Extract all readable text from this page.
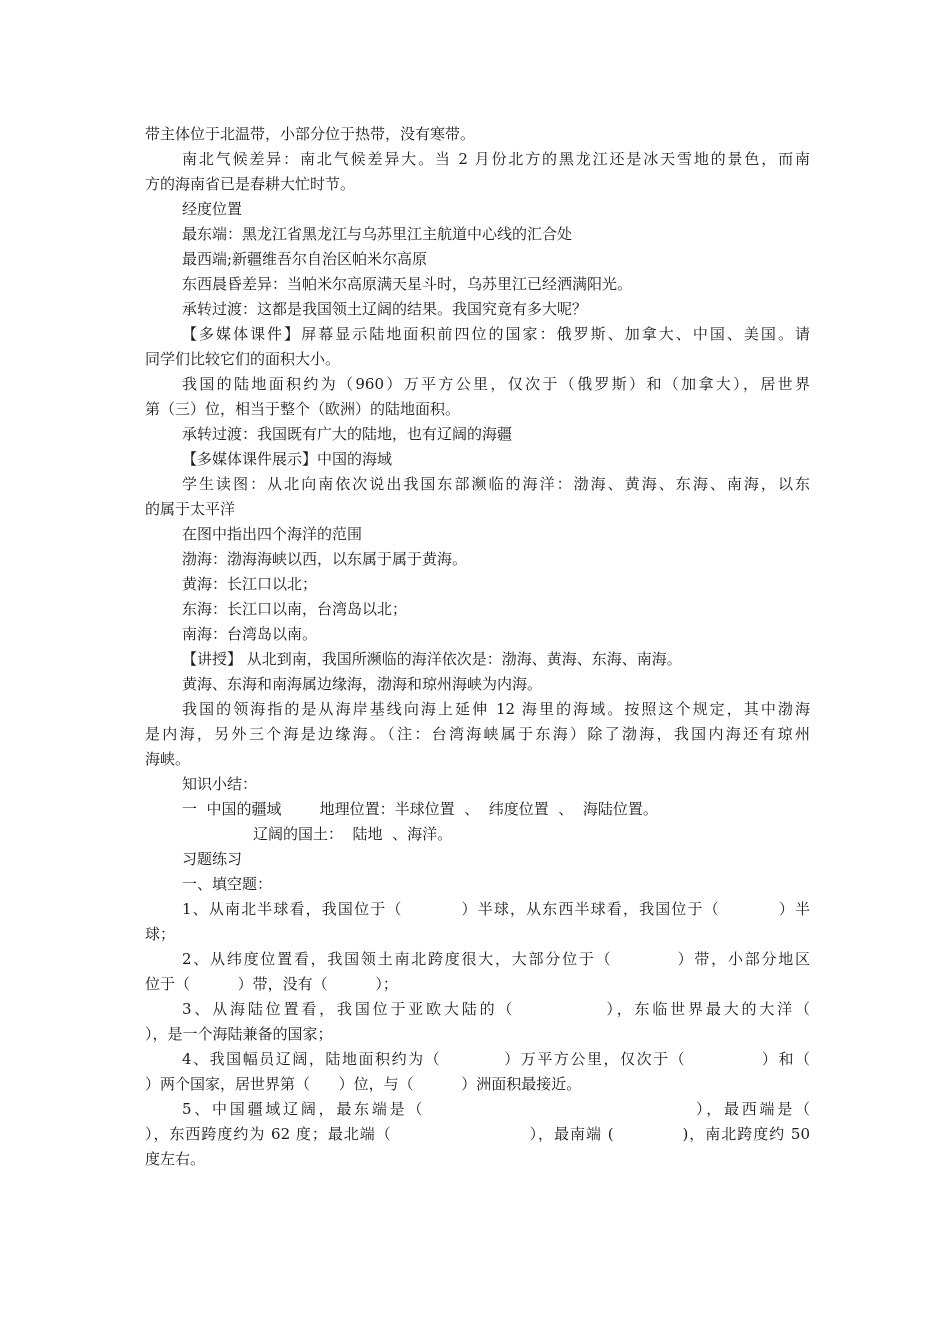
带主体位于北温带，小部分位于热带，没有寒带。
南北气候差异：南北气候差异大。当 2 月份北方的黑龙江还是冰天雪地的景色，而南
方的海南省已是春耕大忙时节。
经度位置
最东端：黑龙江省黑龙江与乌苏里江主航道中心线的汇合处
最西端;新疆维吾尔自治区帕米尔高原
东西晨昏差异：当帕米尔高原满天星斗时，乌苏里江已经洒满阳光。
承转过渡：这都是我国领土辽阔的结果。我国究竟有多大呢？
【多媒体课件】屏幕显示陆地面积前四位的国家：俄罗斯、加拿大、中国、美国。请
同学们比较它们的面积大小。
我国的陆地面积约为（960）万平方公里，仅次于（俄罗斯）和（加拿大），居世界
第（三）位，相当于整个（欧洲）的陆地面积。
承转过渡：我国既有广大的陆地，也有辽阔的海疆
【多媒体课件展示】中国的海域
学生读图：从北向南依次说出我国东部濒临的海洋：渤海、黄海、东海、南海，以东
的属于太平洋
在图中指出四个海洋的范围
渤海：渤海海峡以西，以东属于属于黄海。
黄海：长江口以北；
东海：长江口以南，台湾岛以北；
南海：台湾岛以南。
【讲授】 从北到南，我国所濒临的海洋依次是：渤海、黄海、东海、南海。
黄海、东海和南海属边缘海，渤海和琼州海峡为内海。
我国的领海指的是从海岸基线向海上延伸 12 海里的海域。按照这个规定，其中渤海
是内海，另外三个海是边缘海。（注：台湾海峡属于东海）除了渤海，我国内海还有琼州
海峡。
知识小结：
一  中国的疆域        地理位置：半球位置  、  纬度位置  、  海陆位置。
辽阔的国土：  陆地  、海洋。
习题练习
一、填空题：
1、从南北半球看，我国位于（          ）半球，从东西半球看，我国位于（          ）半
球；
2、从纬度位置看，我国领土南北跨度很大，大部分位于（          ）带，小部分地区
位于（          ）带，没有（          ）；
3、从海陆位置看，我国位于亚欧大陆的（            ），东临世界最大的大洋（
），是一个海陆兼备的国家；
4、我国幅员辽阔，陆地面积约为（          ）万平方公里，仅次于（            ）和（
）两个国家，居世界第（      ）位，与（          ）洲面积最接近。
5、中国疆域辽阔，最东端是（                                    ），最西端是（
），东西跨度约为 62 度；最北端（                        ），最南端 (            )，南北跨度约 50
度左右。
